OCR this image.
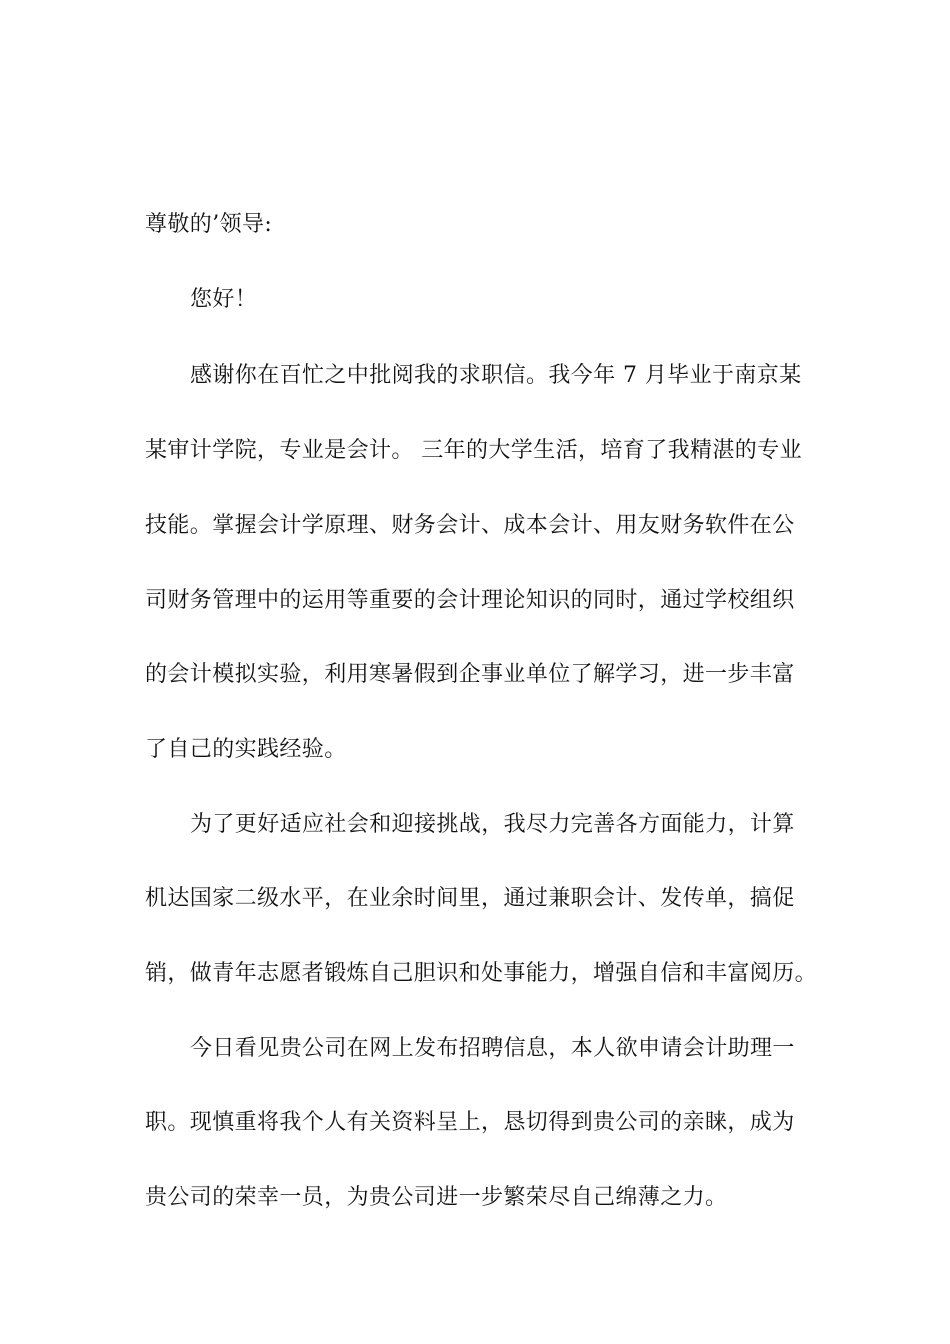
尊敬的’领导:
您好！
感谢你在百忙之中批阅我的求职信。我今年 7 月毕业于南京某
某审计学院，专业是会计。 三年的大学生活，培育了我精湛的专业
技能。掌握会计学原理、财务会计、成本会计、用友财务软件在公
司财务管理中的运用等重要的会计理论知识的同时，通过学校组织
的会计模拟实验，利用寒暑假到企事业单位了解学习，进一步丰富
了自己的实践经验。
为了更好适应社会和迎接挑战，我尽力完善各方面能力，计算
机达国家二级水平，在业余时间里，通过兼职会计、发传单，搞促
销，做青年志愿者锻炼自己胆识和处事能力，增强自信和丰富阅历。
今日看见贵公司在网上发布招聘信息，本人欲申请会计助理一
职。现慎重将我个人有关资料呈上，恳切得到贵公司的亲睐，成为
贵公司的荣幸一员，为贵公司进一步繁荣尽自己绵薄之力。
